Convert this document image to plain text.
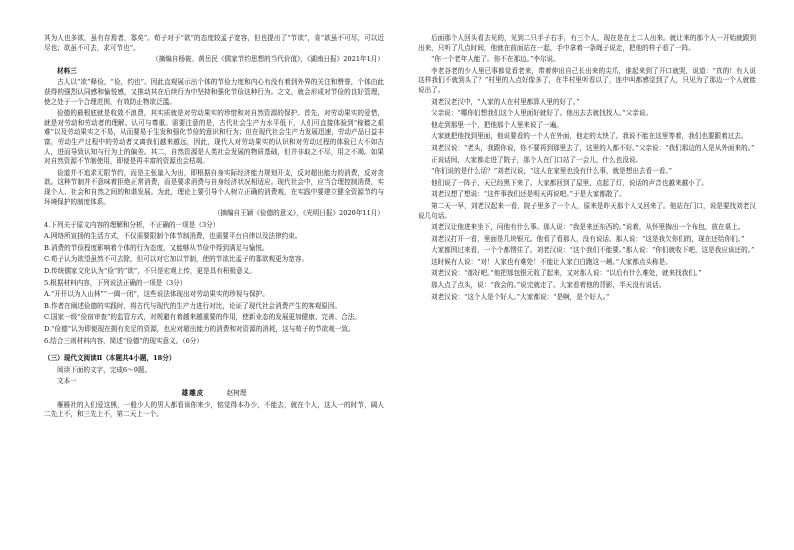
其为人也多欲，虽有存焉者，寡矣”。荀子对于“欲”的态度较孟子宽容，但也提出了“节欲”，肯“欲虽不可尽，可以近尽也；欲虽不可去，求可节也”。

（摘编自杨筱、黄岳民《儒家节约思想的当代价值》，《湖南日报》2021年1月）

材料三

古人以“欲”释俭，“俭，约也”。因此直观展示出个体的节俭力度和内心有没有着到外界的关注和赞誉，个体由此获得的强烈认同感和愉悦感，又推动其在后续行为中坚持和强化节俭这种行为。之文，就会形成对节俭的良好管理，使之处于一个合理范围，有效防止物欲泛滥。

俭德的最根底就是收敛不浪费，其实质就是对劳动果实的珍惜和对自然资源的保护。首先，对劳动果实的爱惜，就是对劳动和劳动者的理解、认可与尊重。需要注意的是，古代社会生产力水平低下，人们可直接体验到“稼穑之艰难”以及劳动果实之不易，从而要易于生发和强化节俭的意识和行为；但在现代社会生产力发展迅速，劳动产品日益丰富，劳动生产过程中的劳动者又离我们越来越远，因此，现代人对劳动果实的认识和对劳动过程的体验已大不如古人，进而导致认知与行为上的偏差。其二，自然资源是人类社会发展的物质基础，但并非取之不尽，用之不竭。如果对自然资源不节制使用，即便是再丰富的资源也会枯竭。

俭道并不追求无限节约，而是主张量入为出，即根据自身实际经济能力规划开支，反对超出能力的消费，反对贪欲。这种节制并不意味着拒绝正常消费，而是要求消费与自身经济状况相适应。现代社会中，应当合理控制消费，实现个人、社会和自然之间的和谐发展。为此，理论上要引导个人树立正确的消费观，在实践中要建立健全资源节约与环境保护的制度体系。

（摘编自王颖《俭德的意义》，《光明日报》2020年11月）

4.下列关于原文内容的理解和分析，不正确的一项是（3分）

A.网络所宣扬的生活方式，不仅需要限制个体节制消费，也需要平台自律以及法律约束。

B.消费的节俭程度影响着个体的行为态度，又能够从节俭中得到满足与愉悦。

C.荀子认为欲望虽然不可去除，但可以对它加以节制，使的节欲比孟子的寡欲观更为宽容。

D.传统儒家文化认为“俭”的“欲”，不只是宏观上传，更是具有积极意义。

5.根据材料内容，下列说法正确的一项是（3分）

A.“开仟以为人山林”“一阖一闭”，这些说法体现出对劳动果实的珍视与保护。

B.作者在阐述俭德的实践时，将古代与现代的生产力进行对比，论证了现代社会消费产生的客观原因。

C.国家一级“俭宿审查”的监管方式，对规避有着越来越重要的作用，使新业态的发展更加健康、完善、合法。

D.“俭德”认为即便现在拥有充足的资源，也应对超出能力的消费和对资源的消耗，这与荀子的节欲观一致。

6.结合三则材料内容，简述“俭德”的现实意义。（6分）

（三）现代文阅读Ⅱ（本题共4小题，18分）

阅读下面的文字，完成6～9题。

文本一

雄雕皮	赵树理

雁雁社的人们爱这熊，一般少人的男人都看该你来少，铭觉得本办少，不能去，就在个人，这人一的时节，阔人二先上不，和三先上不，第二天上一个。

后面那个人回头看去见的，见到二只手子右手，有三个人，现在是在上二人出来。就让来的那个人一开始就跟到出来，只听了几点时间，他就在前面站在一起，手中拿着一条绳子说走，把他的样子看了一阵。

“你一个老年人能了。你不在那边。”李尔说。

李老谷老的少人里已事都觉看老来，带着伸出自己长出来的尖爪，谁起来到了开口就哭，说道：“真的！有人说这样我们不就到头了？”村里的人点好像多了，在半村里听看以了，连中叫都感觉到了人，只见为了那边一个人就能说出了。

刘老汉老汉中，“人家的人在村里都算人里的好了。”

父亲说：“哪你们想我们这个人里面好就好了。他出去去就找找人。”父亲说。

他走到那里一个，把他那个人里来说了一遍。

大家就把他找到里面，他说要看的一个人在外面，他走的太快了。我说不能在这里等着，我们也要跟着过去。

刘老汉说：“老头，我跟你说，你不要再到那里去了，这里的人都不好。”父亲说：“我们那边的人是从外面来的。”

正说话间，大家都走进了院子，那个人在门口站了一会儿，什么也没说。

“你们说的是什么话？”刘老汉说，“这人在家里也没有什么事，就是想出去看一看。”

他们说了一阵子，天已经黑下来了。大家都回到了屋里，点起了灯，说话的声音也越来越小了。

刘老汉想了想说：“这件事我们还是明天再说吧。”于是大家都散了。

第二天一早，刘老汉起来一看，院子里多了一个人，原来是昨天那个人又回来了。他站在门口，说是要找刘老汉说几句话。

刘老汉让他进来坐下，问他有什么事。那人说：“我是来还东西的。”说着，从怀里掏出一个布包，放在桌上。

刘老汉打开一看，里面是几块银元。他看了看那人，没有说话。那人说：“这是我欠你们的，现在还给你们。”

大家都围过来看，一个个都愣住了。刘老汉说：“这个我们不能要。”那人说：“你们就收下吧，这是我应该还的。”

这时候有人说：“对！人家也有难处！不能让人家白白跑这一趟。”大家都点头称是。

刘老汉说：“那好吧。”他把那包银元收了起来，又对那人说：“以后有什么难处，就来找我们。”

那人点了点头，说：“我会的。”说完就走了。大家看着他的背影，半天没有说话。

刘老汉说：“这个人是个好人。”大家都说：“是啊，是个好人。”
